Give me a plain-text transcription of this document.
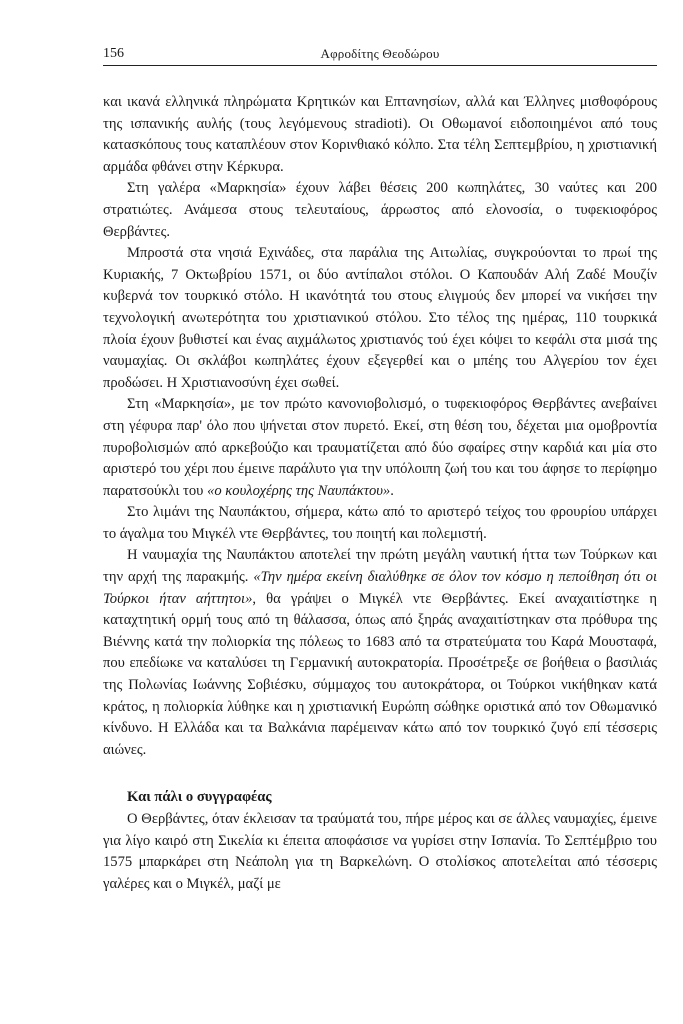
156	Αφροδίτης Θεοδώρου

και ικανά ελληνικά πληρώματα Κρητικών και Επτανησίων, αλλά και Έλληνες μισθοφόρους της ισπανικής αυλής (τους λεγόμενους stradioti). Οι Οθωμανοί ειδοποιημένοι από τους κατασκόπους τους καταπλέουν στον Κορινθιακό κόλπο. Στα τέλη Σεπτεμβρίου, η χριστιανική αρμάδα φθάνει στην Κέρκυρα.

Στη γαλέρα «Μαρκησία» έχουν λάβει θέσεις 200 κωπηλάτες, 30 ναύτες και 200 στρατιώτες. Ανάμεσα στους τελευταίους, άρρωστος από ελονοσία, ο τυφεκιοφόρος Θερβάντες.

Μπροστά στα νησιά Εχινάδες, στα παράλια της Αιτωλίας, συγκρούονται το πρωί της Κυριακής, 7 Οκτωβρίου 1571, οι δύο αντίπαλοι στόλοι. Ο Καπουδάν Αλή Ζαδέ Μουζίν κυβερνά τον τουρκικό στόλο. Η ικανότητά του στους ελιγμούς δεν μπορεί να νικήσει την τεχνολογική ανωτερότητα του χριστιανικού στόλου. Στο τέλος της ημέρας, 110 τουρκικά πλοία έχουν βυθιστεί και ένας αιχμάλωτος χριστιανός τού έχει κόψει το κεφάλι στα μισά της ναυμαχίας. Οι σκλάβοι κωπηλάτες έχουν εξεγερθεί και ο μπέης του Αλγερίου τον έχει προδώσει. Η Χριστιανοσύνη έχει σωθεί.

Στη «Μαρκησία», με τον πρώτο κανονιοβολισμό, ο τυφεκιοφόρος Θερβάντες ανεβαίνει στη γέφυρα παρ' όλο που ψήνεται στον πυρετό. Εκεί, στη θέση του, δέχεται μια ομοβροντία πυροβολισμών από αρκεβούζιο και τραυματίζεται από δύο σφαίρες στην καρδιά και μία στο αριστερό του χέρι που έμεινε παράλυτο για την υπόλοιπη ζωή του και του άφησε το περίφημο παρατσούκλι του «ο κουλοχέρης της Ναυπάκτου».

Στο λιμάνι της Ναυπάκτου, σήμερα, κάτω από το αριστερό τείχος του φρουρίου υπάρχει το άγαλμα του Μιγκέλ ντε Θερβάντες, του ποιητή και πολεμιστή.

Η ναυμαχία της Ναυπάκτου αποτελεί την πρώτη μεγάλη ναυτική ήττα των Τούρκων και την αρχή της παρακμής. «Την ημέρα εκείνη διαλύθηκε σε όλον τον κόσμο η πεποίθηση ότι οι Τούρκοι ήταν αήττητοι», θα γράψει ο Μιγκέλ ντε Θερβάντες. Εκεί αναχαιτίστηκε η καταχτητική ορμή τους από τη θάλασσα, όπως από ξηράς αναχαιτίστηκαν στα πρόθυρα της Βιέννης κατά την πολιορκία της πόλεως το 1683 από τα στρατεύματα του Καρά Μουσταφά, που επεδίωκε να καταλύσει τη Γερμανική αυτοκρατορία. Προσέτρεξε σε βοήθεια ο βασιλιάς της Πολωνίας Ιωάννης Σοβιέσκυ, σύμμαχος του αυτοκράτορα, οι Τούρκοι νικήθηκαν κατά κράτος, η πολιορκία λύθηκε και η χριστιανική Ευρώπη σώθηκε οριστικά από τον Οθωμανικό κίνδυνο. Η Ελλάδα και τα Βαλκάνια παρέμειναν κάτω από τον τουρκικό ζυγό επί τέσσερις αιώνες.

Και πάλι ο συγγραφέας

Ο Θερβάντες, όταν έκλεισαν τα τραύματά του, πήρε μέρος και σε άλλες ναυμαχίες, έμεινε για λίγο καιρό στη Σικελία κι έπειτα αποφάσισε να γυρίσει στην Ισπανία. Το Σεπτέμβριο του 1575 μπαρκάρει στη Νεάπολη για τη Βαρκελώνη. Ο στολίσκος αποτελείται από τέσσερις γαλέρες και ο Μιγκέλ, μαζί με
